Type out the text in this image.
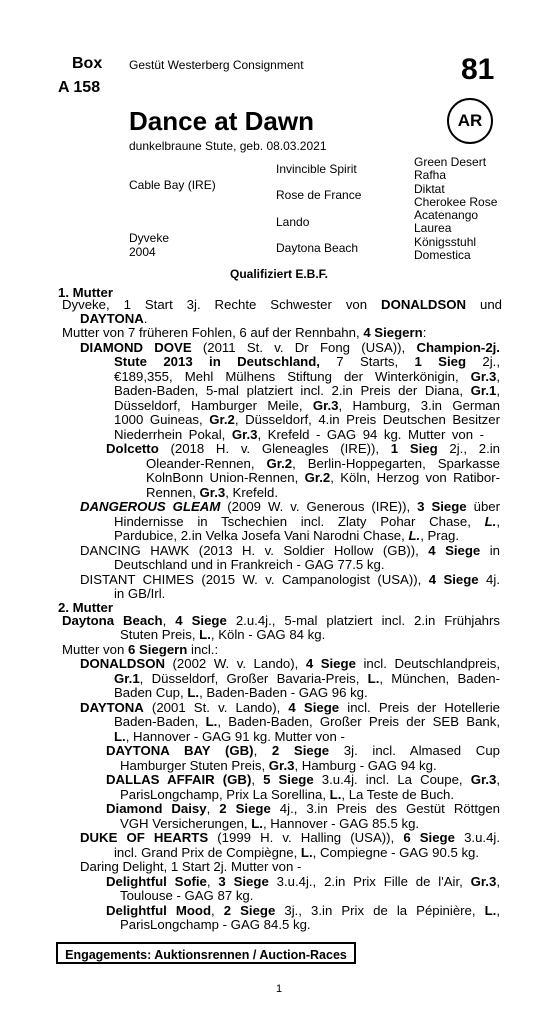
Box
A 158
Gestüt Westerberg Consignment	81
AR
Dance at Dawn
dunkelbraune Stute, geb. 08.03.2021
Cable Bay (IRE)
Dyveke
2004
Invincible Spirit
Rose de France
Lando
Daytona Beach
Green Desert
Rafha
Diktat
Cherokee Rose
Acatenango
Laurea
Königsstuhl
Domestica
Qualifiziert E.B.F.
1. Mutter
2. Mutter
Dyveke, 1 Start 3j. Rechte Schwester von DONALDSON und
DAYTONA.
Mutter von 7 früheren Fohlen, 6 auf der Rennbahn, 4 Siegern:
DIAMOND DOVE (2011 St. v. Dr Fong (USA)), Champion-2j.
Stute 2013 in Deutschland, 7 Starts, 1 Sieg 2j.,
€189,355, Mehl Mülhens Stiftung der Winterkönigin, Gr.3,
Baden-Baden, 5-mal platziert incl. 2.in Preis der Diana, Gr.1,
Düsseldorf, Hamburger Meile, Gr.3, Hamburg, 3.in German
1000 Guineas, Gr.2, Düsseldorf, 4.in Preis Deutschen Besitzer
Niederrhein Pokal, Gr.3, Krefeld - GAG 94 kg. Mutter von -
Dolcetto (2018 H. v. Gleneagles (IRE)), 1 Sieg 2j., 2.in
Oleander-Rennen, Gr.2, Berlin-Hoppegarten, Sparkasse
KolnBonn Union-Rennen, Gr.2, Köln, Herzog von Ratibor-
Rennen, Gr.3, Krefeld.
DANGEROUS GLEAM (2009 W. v. Generous (IRE)), 3 Siege über
Hindernisse in Tschechien incl. Zlaty Pohar Chase, L.,
Pardubice, 2.in Velka Josefa Vani Narodni Chase, L., Prag.
DANCING HAWK (2013 H. v. Soldier Hollow (GB)), 4 Siege in
Deutschland und in Frankreich - GAG 77.5 kg.
DISTANT CHIMES (2015 W. v. Campanologist (USA)), 4 Siege 4j.
in GB/Irl.
Daytona Beach, 4 Siege 2.u.4j., 5-mal platziert incl. 2.in Frühjahrs
Stuten Preis, L., Köln - GAG 84 kg.
Mutter von 6 Siegern incl.:
DONALDSON (2002 W. v. Lando), 4 Siege incl. Deutschlandpreis,
Gr.1, Düsseldorf, Großer Bavaria-Preis, L., München, Baden-
Baden Cup, L., Baden-Baden - GAG 96 kg.
DAYTONA (2001 St. v. Lando), 4 Siege incl. Preis der Hotellerie
Baden-Baden, L., Baden-Baden, Großer Preis der SEB Bank,
L., Hannover - GAG 91 kg. Mutter von -
DAYTONA BAY (GB), 2 Siege 3j. incl. Almased Cup
Hamburger Stuten Preis, Gr.3, Hamburg - GAG 94 kg.
DALLAS AFFAIR (GB), 5 Siege 3.u.4j. incl. La Coupe, Gr.3,
ParisLongchamp, Prix La Sorellina, L., La Teste de Buch.
Diamond Daisy, 2 Siege 4j., 3.in Preis des Gestüt Röttgen
VGH Versicherungen, L., Hannover - GAG 85.5 kg.
DUKE OF HEARTS (1999 H. v. Halling (USA)), 6 Siege 3.u.4j.
incl. Grand Prix de Compiègne, L., Compiegne - GAG 90.5 kg.
Daring Delight, 1 Start 2j. Mutter von -
Delightful Sofie, 3 Siege 3.u.4j., 2.in Prix Fille de l'Air, Gr.3,
Toulouse - GAG 87 kg.
Delightful Mood, 2 Siege 3j., 3.in Prix de la Pépinière, L.,
ParisLongchamp - GAG 84.5 kg.
Engagements: Auktionsrennen / Auction-Races
1
